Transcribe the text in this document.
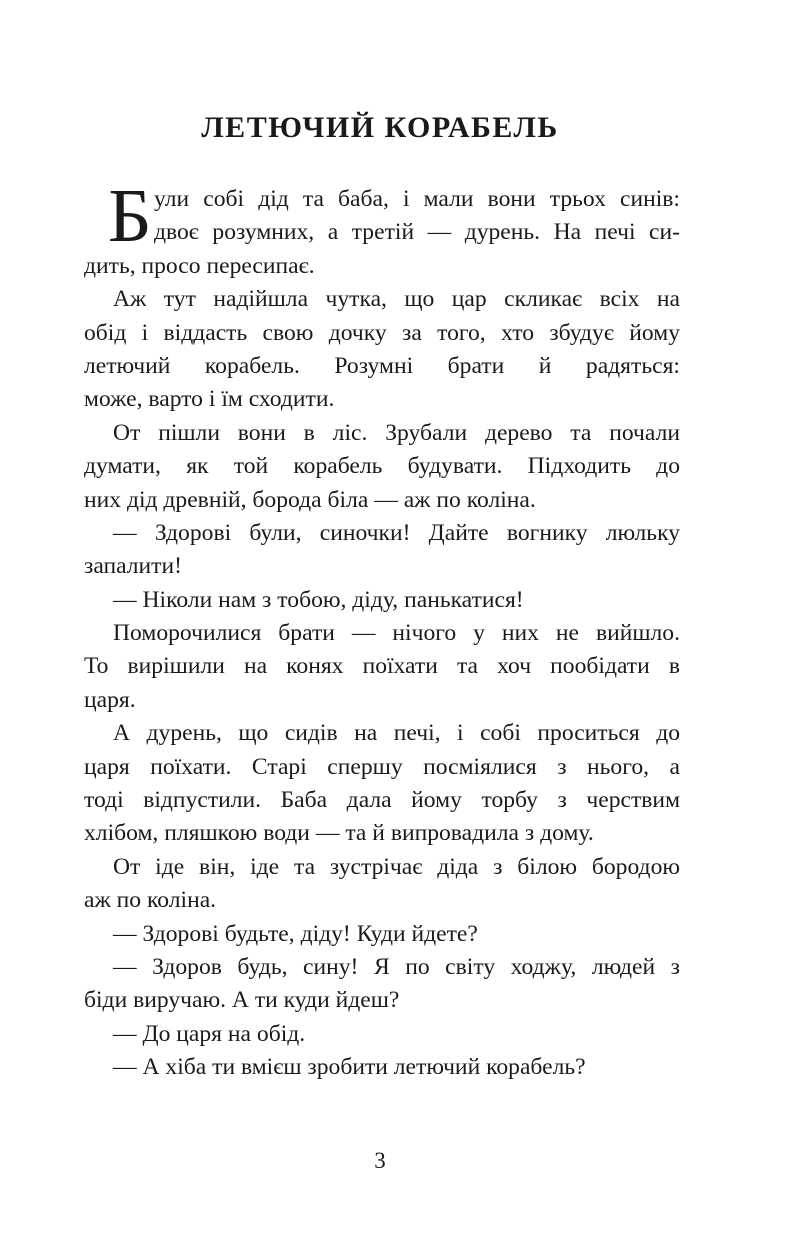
ЛЕТЮЧИЙ КОРАБЕЛЬ
Б ули собі дід та баба, і мали вони трьох синів:
двоє розумних, а третій — дурень. На печі си-
дить, просо пересипає.
Аж тут надійшла чутка, що цар скликає всіх на
обід і віддасть свою дочку за того, хто збудує йому
летючий корабель. Розумні брати й радяться:
може, варто і їм сходити.
От пішли вони в ліс. Зрубали дерево та почали
думати, як той корабель будувати. Підходить до
них дід древній, борода біла — аж по коліна.
— Здорові були, синочки! Дайте вогнику люльку
запалити!
— Ніколи нам з тобою, діду, панькатися!
Поморочилися брати — нічого у них не вийшло.
То вирішили на конях поїхати та хоч пообідати в
царя.
А дурень, що сидів на печі, і собі проситься до
царя поїхати. Старі спершу посміялися з нього, а
тоді відпустили. Баба дала йому торбу з черствим
хлібом, пляшкою води — та й випровадила з дому.
От іде він, іде та зустрічає діда з білою бородою
аж по коліна.
— Здорові будьте, діду! Куди йдете?
— Здоров будь, сину! Я по світу ходжу, людей з
біди виручаю. А ти куди йдеш?
— До царя на обід.
— А хіба ти вмієш зробити летючий корабель?
3
